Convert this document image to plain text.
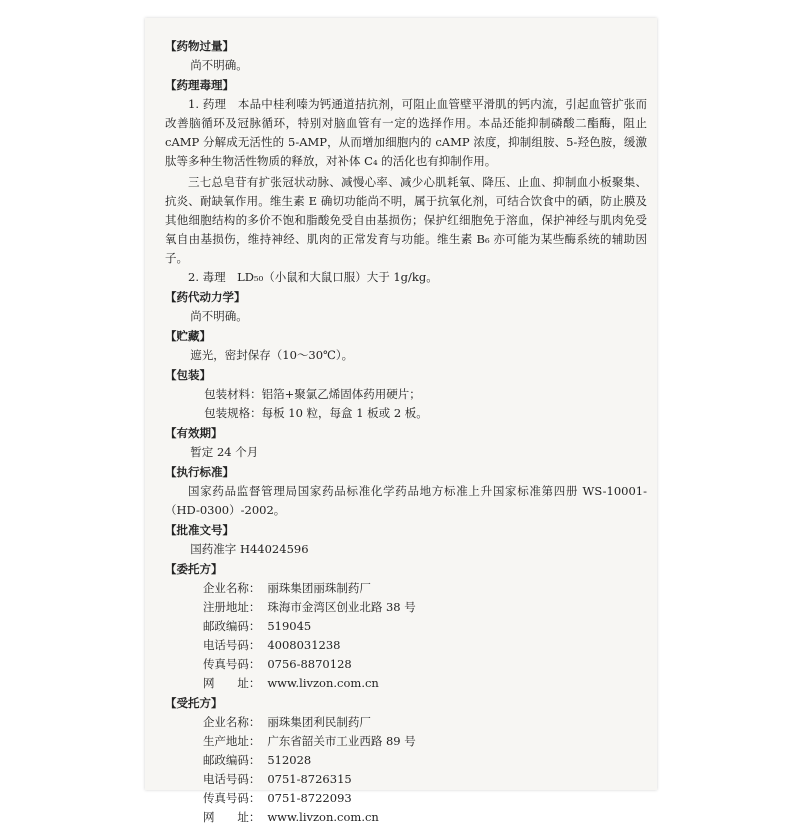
【药物过量】
尚不明确。
【药理毒理】
1. 药理　本品中桂利嗪为钙通道拮抗剂，可阻止血管壁平滑肌的钙内流，引起血管扩张而改善脑循环及冠脉循环，特别对脑血管有一定的选择作用。本品还能抑制磷酸二酯酶，阻止 cAMP 分解成无活性的 5-AMP，从而增加细胞内的 cAMP 浓度，抑制组胺、5-羟色胺，缓激肽等多种生物活性物质的释放，对补体 C₄ 的活化也有抑制作用。
三七总皂苷有扩张冠状动脉、减慢心率、减少心肌耗氧、降压、止血、抑制血小板聚集、抗炎、耐缺氧作用。维生素 E 确切功能尚不明，属于抗氧化剂，可结合饮食中的硒，防止膜及其他细胞结构的多价不饱和脂酸免受自由基损伤；保护红细胞免于溶血，保护神经与肌肉免受氧自由基损伤，维持神经、肌肉的正常发育与功能。维生素 B₆ 亦可能为某些酶系统的辅助因子。
2. 毒理　LD₅₀（小鼠和大鼠口服）大于 1g/kg。
【药代动力学】
尚不明确。
【贮藏】
遮光，密封保存（10～30℃）。
【包装】
包装材料：铝箔+聚氯乙烯固体药用硬片；
包装规格：每板 10 粒，每盒 1 板或 2 板。
【有效期】
暂定 24 个月
【执行标准】
国家药品监督管理局国家药品标准化学药品地方标准上升国家标准第四册 WS-10001-（HD-0300）-2002。
【批准文号】
国药准字 H44024596
【委托方】
企业名称： 丽珠集团丽珠制药厂
注册地址： 珠海市金湾区创业北路 38 号
邮政编码： 519045
电话号码： 4008031238
传真号码： 0756-8870128
网　　址： www.livzon.com.cn
【受托方】
企业名称： 丽珠集团利民制药厂
生产地址： 广东省韶关市工业西路 89 号
邮政编码： 512028
电话号码： 0751-8726315
传真号码： 0751-8722093
网　　址： www.livzon.com.cn
